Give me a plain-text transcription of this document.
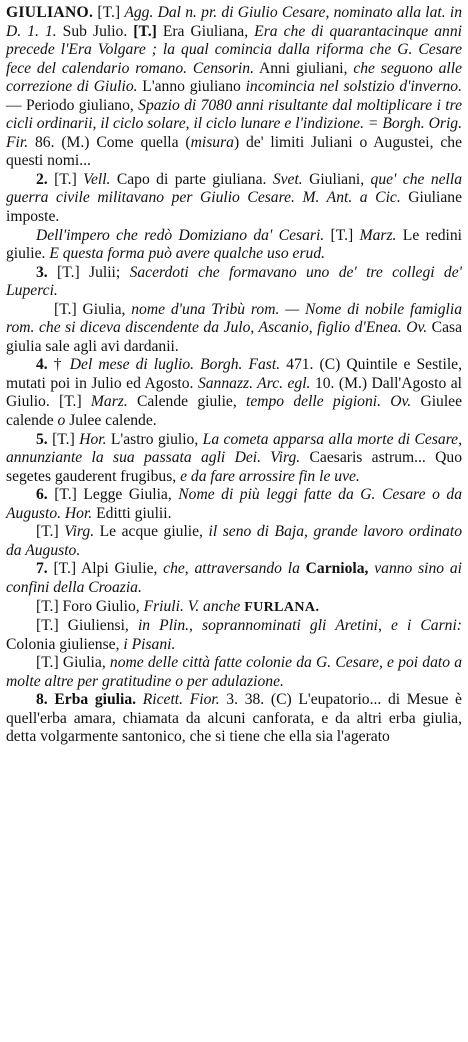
GIULIANO. [T.] Agg. Dal n. pr. di Giulio Cesare, nominato alla lat. in D. 1. 1. Sub Julio. [T.] Era Giuliana, Era che di quarantacinque anni precede l'Era Volgare ; la qual comincia dalla riforma che G. Cesare fece del calendario romano. Censorin. Anni giuliani, che seguono alle correzione di Giulio. L'anno giuliano incomincia nel solstizio d'inverno. — Periodo giuliano, Spazio di 7080 anni risultante dal moltiplicare i tre cicli ordinarii, il ciclo solare, il ciclo lunare e l'indizione. = Borgh. Orig. Fir. 86. (M.) Come quella (misura) de' limiti Juliani o Augustei, che questi nomi...

2. [T.] Vell. Capo di parte giuliana. Svet. Giuliani, que' che nella guerra civile militavano per Giulio Cesare. M. Ant. a Cic. Giuliane imposte.

Dell'impero che redò Domiziano da' Cesari. [T.] Marz. Le redini giulie. E questa forma può avere qualche uso erud.

3. [T.] Julii; Sacerdoti che formavano uno de' tre collegi de' Luperci.

[T.] Giulia, nome d'una Tribù rom. — Nome di nobile famiglia rom. che si diceva discendente da Julo, Ascanio, figlio d'Enea. Ov. Casa giulia sale agli avi dardanii.

4. † Del mese di luglio. Borgh. Fast. 471. (C) Quintile e Sestile, mutati poi in Julio ed Agosto. Sannazz. Arc. egl. 10. (M.) Dall'Agosto al Giulio. [T.] Marz. Calende giulie, tempo delle pigioni. Ov. Giulee calende o Julee calende.

5. [T.] Hor. L'astro giulio, La cometa apparsa alla morte di Cesare, annunziante la sua passata agli Dei. Virg. Caesaris astrum... Quo segetes gauderent frugibus, e da fare arrossire fin le uve.

6. [T.] Legge Giulia, Nome di più leggi fatte da G. Cesare o da Augusto. Hor. Editti giulii.

[T.] Virg. Le acque giulie, il seno di Baja, grande lavoro ordinato da Augusto.

7. [T.] Alpi Giulie, che, attraversando la Carniola, vanno sino ai confini della Croazia.

[T.] Foro Giulio, Friuli. V. anche FURLANA.

[T.] Giuliensi, in Plin., soprannominati gli Aretini, e i Carni: Colonia giuliense, i Pisani.

[T.] Giulia, nome delle città fatte colonie da G. Cesare, e poi dato a molte altre per gratitudine o per adulazione.

8. Erba giulia. Ricett. Fior. 3. 38. (C) L'eupatorio... di Mesue è quell'erba amara, chiamata da alcuni canforata, e da altri erba giulia, detta volgarmente santonico, che si tiene che ella sia l'agerato
